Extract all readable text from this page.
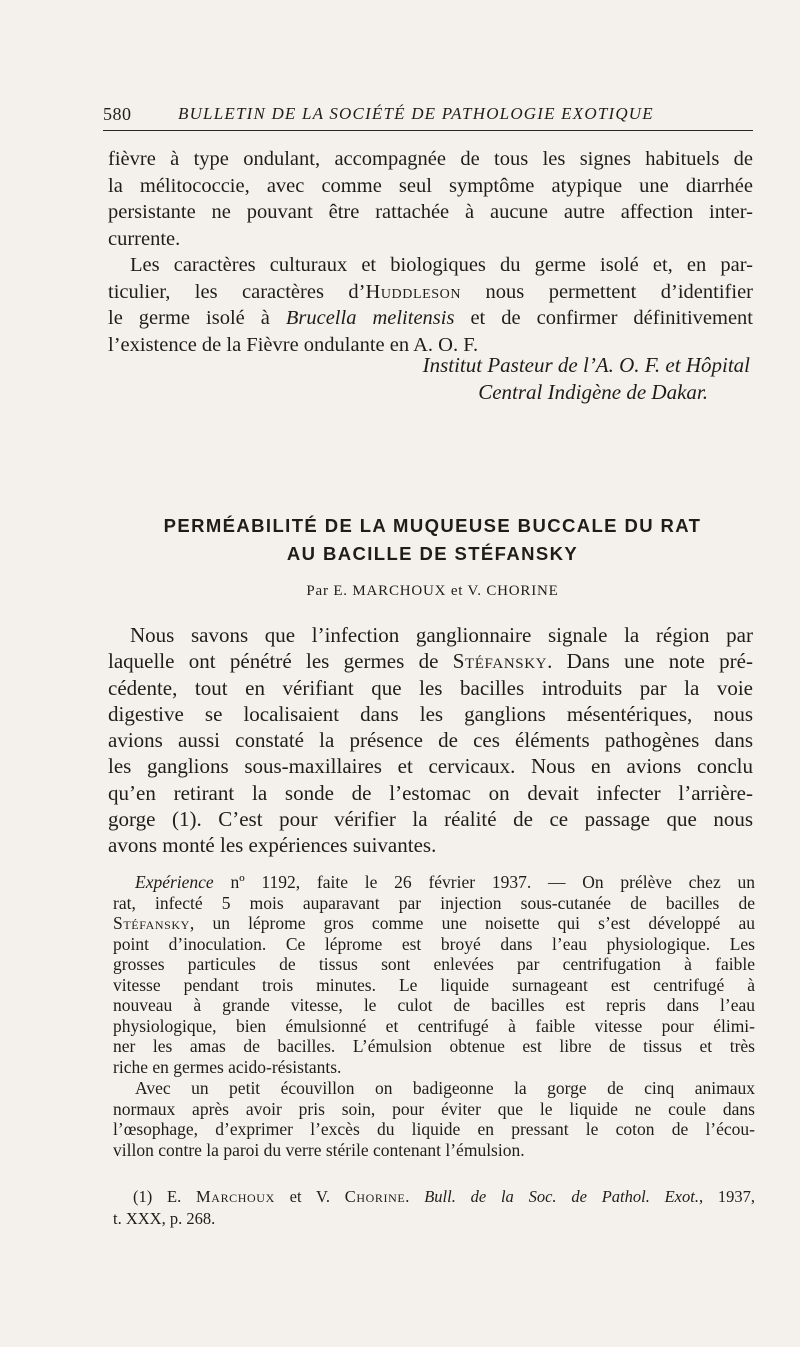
580	BULLETIN DE LA SOCIÉTÉ DE PATHOLOGIE EXOTIQUE

fièvre à type ondulant, accompagnée de tous les signes habituels de
la mélitococcie, avec comme seul symptôme atypique une diarrhée
persistante ne pouvant être rattachée à aucune autre affection inter-
currente.

Les caractères culturaux et biologiques du germe isolé et, en par-
ticulier, les caractères d’Huddleson nous permettent d’identifier
le germe isolé à Brucella melitensis et de confirmer définitivement
l’existence de la Fièvre ondulante en A. O. F.

Institut Pasteur de l’A. O. F. et Hôpital
Central Indigène de Dakar.
PERMÉABILITÉ DE LA MUQUEUSE BUCCALE DU RAT
AU BACILLE DE STÉFANSKY
Par E. MARCHOUX et V. CHORINE

Nous savons que l’infection ganglionnaire signale la région par
laquelle ont pénétré les germes de Stéfansky. Dans une note pré-
cédente, tout en vérifiant que les bacilles introduits par la voie
digestive se localisaient dans les ganglions mésentériques, nous
avions aussi constaté la présence de ces éléments pathogènes dans
les ganglions sous-maxillaires et cervicaux. Nous en avions conclu
qu’en retirant la sonde de l’estomac on devait infecter l’arrière-
gorge (1). C’est pour vérifier la réalité de ce passage que nous
avons monté les expériences suivantes.

Expérience nº 1192, faite le 26 février 1937. — On prélève chez un
rat, infecté 5 mois auparavant par injection sous-cutanée de bacilles de
Stéfansky, un léprome gros comme une noisette qui s’est développé au
point d’inoculation. Ce léprome est broyé dans l’eau physiologique. Les
grosses particules de tissus sont enlevées par centrifugation à faible
vitesse pendant trois minutes. Le liquide surnageant est centrifugé à
nouveau à grande vitesse, le culot de bacilles est repris dans l’eau
physiologique, bien émulsionné et centrifugé à faible vitesse pour élimi-
ner les amas de bacilles. L’émulsion obtenue est libre de tissus et très
riche en germes acido-résistants.

Avec un petit écouvillon on badigeonne la gorge de cinq animaux
normaux après avoir pris soin, pour éviter que le liquide ne coule dans
l’œsophage, d’exprimer l’excès du liquide en pressant le coton de l’écou-
villon contre la paroi du verre stérile contenant l’émulsion.

(1) E. Marchoux et V. Chorine. Bull. de la Soc. de Pathol. Exot., 1937,
t. XXX, p. 268.
